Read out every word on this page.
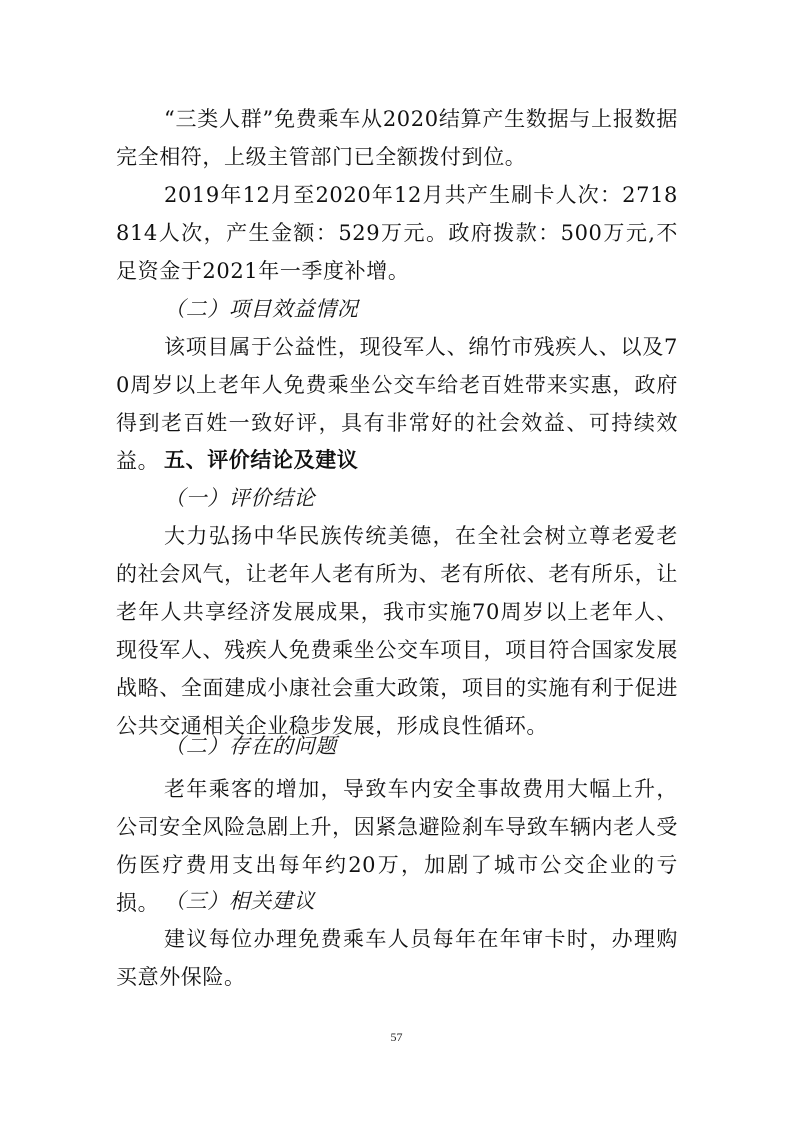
“三类人群”免费乘车从2020结算产生数据与上报数据完全相符，上级主管部门已全额拨付到位。

2019年12月至2020年12月共产生刷卡人次：2718814人次，产生金额：529万元。政府拨款：500万元,不足资金于2021年一季度补增。

（二）项目效益情况

该项目属于公益性，现役军人、绵竹市残疾人、以及70周岁以上老年人免费乘坐公交车给老百姓带来实惠，政府得到老百姓一致好评，具有非常好的社会效益、可持续效益。 五、评价结论及建议

（一）评价结论

大力弘扬中华民族传统美德，在全社会树立尊老爱老的社会风气，让老年人老有所为、老有所依、老有所乐，让老年人共享经济发展成果，我市实施70周岁以上老年人、现役军人、残疾人免费乘坐公交车项目，项目符合国家发展战略、全面建成小康社会重大政策，项目的实施有利于促进公共交通相关企业稳步发展，形成良性循环。

（二）存在的问题

老年乘客的增加，导致车内安全事故费用大幅上升，公司安全风险急剧上升，因紧急避险刹车导致车辆内老人受伤医疗费用支出每年约20万，加剧了城市公交企业的亏损。 （三）相关建议

建议每位办理免费乘车人员每年在年审卡时，办理购买意外保险。

57
